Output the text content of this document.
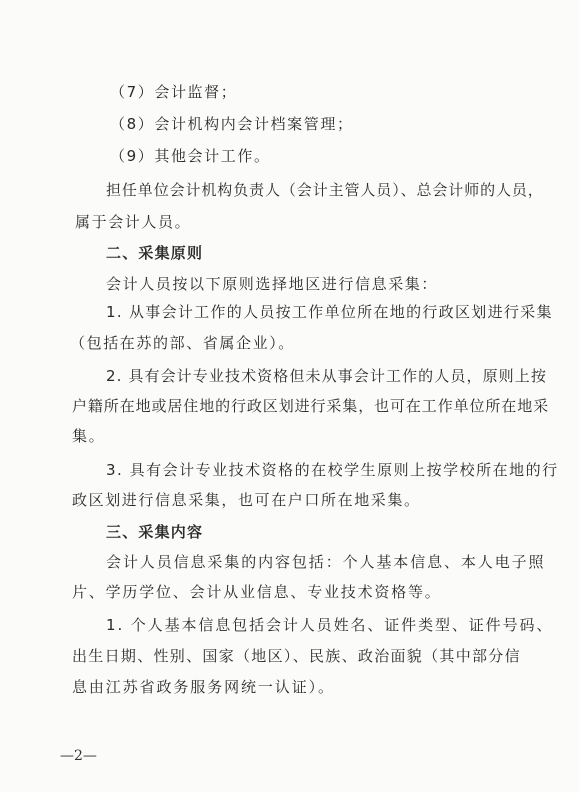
（7）会计监督；
（8）会计机构内会计档案管理；
（9）其他会计工作。
担任单位会计机构负责人（会计主管人员）、总会计师的人员，
属于会计人员。
二、采集原则
会计人员按以下原则选择地区进行信息采集：
1. 从事会计工作的人员按工作单位所在地的行政区划进行采集
（包括在苏的部、省属企业）。
2. 具有会计专业技术资格但未从事会计工作的人员，原则上按
户籍所在地或居住地的行政区划进行采集，也可在工作单位所在地采
集。
3. 具有会计专业技术资格的在校学生原则上按学校所在地的行
政区划进行信息采集，也可在户口所在地采集。
三、采集内容
会计人员信息采集的内容包括：个人基本信息、本人电子照
片、学历学位、会计从业信息、专业技术资格等。
1. 个人基本信息包括会计人员姓名、证件类型、证件号码、
出生日期、性别、国家（地区）、民族、政治面貌（其中部分信
息由江苏省政务服务网统一认证）。
—2—
